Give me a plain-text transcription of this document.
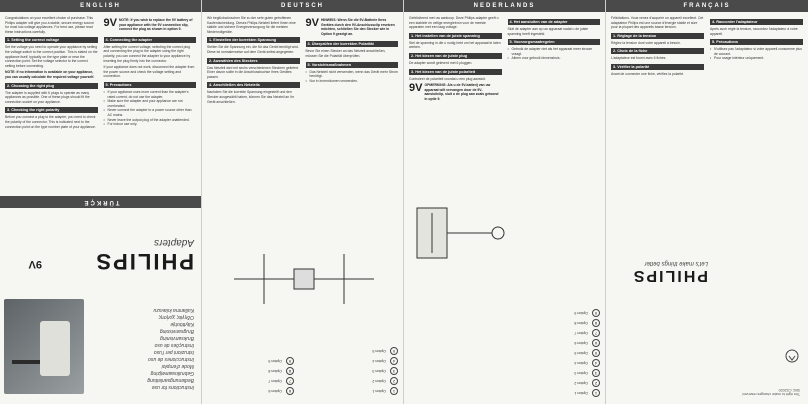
ENGLISH
Congratulations on your excellent choice of purchase. This Philips adapter will give you a stable, secure energy source for most low-voltage appliances. For best use, please read these instructions carefully.
1. Setting the correct voltage
Set the voltage you need to operate your appliance by setting the voltage switch to the correct position. This is stated on the appliance itself, typically on the type plate or near the connection point. Set the voltage selector to the correct setting before connecting.
NOTE: If no information is available on your appliance, you can usually calculate the required voltage yourself.
2. Choosing the right plug
The adapter is supplied with 6 plugs to operate as many appliances as possible. One of these plugs should fit the connection socket on your appliance.
3. Checking the right polarity
Before you connect a plug to the adapter, you need to check the polarity of the connector. This is indicated next to the connection point on the type number plate of your appliance.
9V NOTE: If you wish to replace the 9V battery of your appliance with the 9V connection clip, connect the plug as shown in option 9.
4. Connecting the adapter
After setting the correct voltage, selecting the correct plug and connecting the plug to the adapter using the right polarity, you can connect the adapter to your appliance by inserting the plug firmly into the connector.
If your appliance does not work, disconnect the adapter from the power source and check the voltage setting and connection.
5. Precautions
• If your appliance uses more current than the adapter's rated current, do not use the adapter.
• Make sure the adapter and your appliance are not overheated.
• Never connect the adapter to a power source other than AC mains.
• Never leave the output plug of the adapter unattended.
• For indoor use only.
TÜRKÇE
Instructions for use
Bedienungsanleitung
Gebruiksaanwijzing
Mode d'emploi
Instrucciones de uso
Istruzioni per l'uso
Instruções de uso
Bruksanvisning
Brugsanvisning
Käyttöohje
Οδηγίες χρήσης
Kullanma kılavuzu
PHILIPS
Adapters
9V
DEUTSCH
Wir beglückwünschen Sie zu der sehr guten getroffenen Kaufentscheidung. Dieses Philips-Netzteil liefert Ihnen eine stabile und sichere Energieversorgung für die meisten Niedervoltgeräte.
1. Einstellen der korrekten Spannung
Stellen Sie die Spannung ein, die für das Gerät benötigt wird. Diese ist normalerweise auf dem Gerät selbst angegeben.
2. Auswählen des Steckers
Das Netzteil wird mit sechs verschiedenen Steckern geliefert. Einer davon sollte in die Anschlussbuchse Ihres Gerätes passen.
4. Anschließen des Netzteils
Nachdem Sie die korrekte Spannung eingestellt und den Stecker ausgewählt haben, können Sie das Netzteil an Ihr Gerät anschließen.
9V HINWEIS: Wenn Sie die 9V-Batterie Ihres Gerätes durch den 9V-Anschlussclip ersetzen möchten, schließen Sie den Stecker wie in Option 9 gezeigt an.
3. Überprüfen der korrekten Polarität
Bevor Sie einen Stecker an das Netzteil anschließen, müssen Sie die Polarität überprüfen.
5. Vorsichtsmaßnahmen
• Das Netzteil nicht verwenden, wenn das Gerät mehr Strom benötigt.
• Nur in Innenräumen verwenden.
1
Option 1
2
Option 2
3
Option 3
4
Option 4
5
Option 5
6
Option 6
7
Option 7
8
Option 8
9
Option 9
NEDERLANDS
Gefeliciteerd met uw aankoop. Deze Philips-adapter geeft u een stabiele en veilige energiebron voor de meeste apparaten met een laag voltage.
1. Het instellen van de juiste spanning
Stel de spanning in die u nodig hebt om het apparaat te laten werken.
2. Het kiezen van de juiste plug
De adapter wordt geleverd met 6 pluggen.
3. Het kiezen van de juiste polariteit
Controleer de polariteit voordat u een plug aansluit.
9V OPMERKING: Als u de 9V-batterij van uw apparaat wilt vervangen door de 9V-aansluitclip, sluit u de plug aan zoals getoond in optie 9.
4. Het aansluiten van de adapter
Sluit de adapter aan op uw apparaat nadat u de juiste spanning heeft ingesteld.
5. Voorzorgsmaatregelen
• Gebruik de adapter niet als het apparaat meer stroom vraagt.
• Alleen voor gebruik binnenshuis.
1
Option 1
2
Option 2
3
Option 3
4
Option 4
5
Option 5
6
Option 6
7
Option 7
8
Option 8
9
Option 9
FRANÇAIS
Félicitations. Vous venez d'acquérir un appareil excellent. Cet adaptateur Philips est une source d'énergie stable et sûre pour la plupart des appareils basse tension.
1. Réglage de la tension
Réglez la tension dont votre appareil a besoin.
2. Choix de la fiche
L'adaptateur est fourni avec 6 fiches.
3. Vérifier la polarité
Avant de connecter une fiche, vérifiez la polarité.
4. Raccorder l'adaptateur
Après avoir réglé la tension, raccordez l'adaptateur à votre appareil.
5. Précautions
• N'utilisez pas l'adaptateur si votre appareil consomme plus de courant.
• Pour usage intérieur uniquement.
The right to make changes reserved
SBC CS2020
PHILIPS
Let's make things better
